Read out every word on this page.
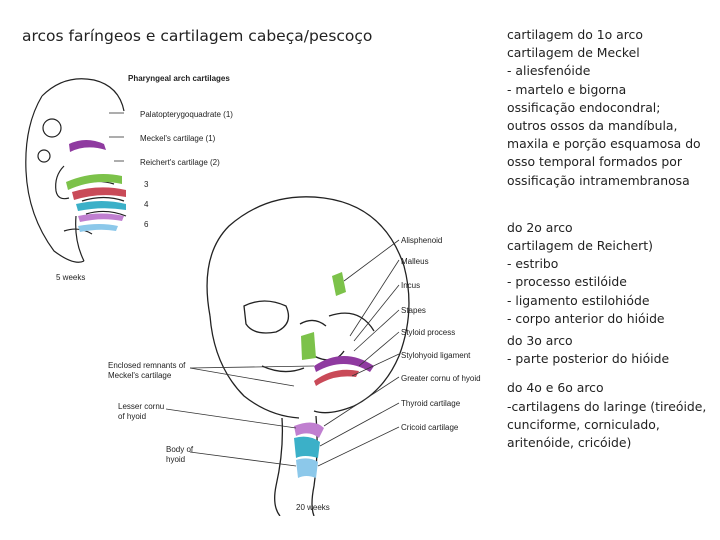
arcos faríngeos e cartilagem cabeça/pescoço
Pharyngeal arch cartilages
Palatopterygoquadrate (1)
Meckel's cartilage (1)
Reichert's cartilage (2)
3
4
6
5 weeks
Alisphenoid
Malleus
Incus
Stapes
Styloid process
Stylohyoid ligament
Greater cornu of hyoid
Thyroid cartilage
Cricoid cartilage
Enclosed remnants of
Meckel's cartilage
Lesser cornu
of hyoid
Body of
hyoid
20 weeks
cartilagem do 1o arco
cartilagem de Meckel
- aliesfenóide
- martelo e bigorna
ossificação endocondral;
outros ossos da mandíbula,
maxila e porção esquamosa do
osso temporal formados por
ossificação intramembranosa
do 2o arco
cartilagem de Reichert)
- estribo
- processo estilóide
- ligamento estilohióde
- corpo anterior do hióide
do 3o arco
- parte posterior do hióide
do 4o e 6o arco
-cartilagens do laringe (tireóide,
cunciforme, corniculado,
aritenóide, cricóide)
